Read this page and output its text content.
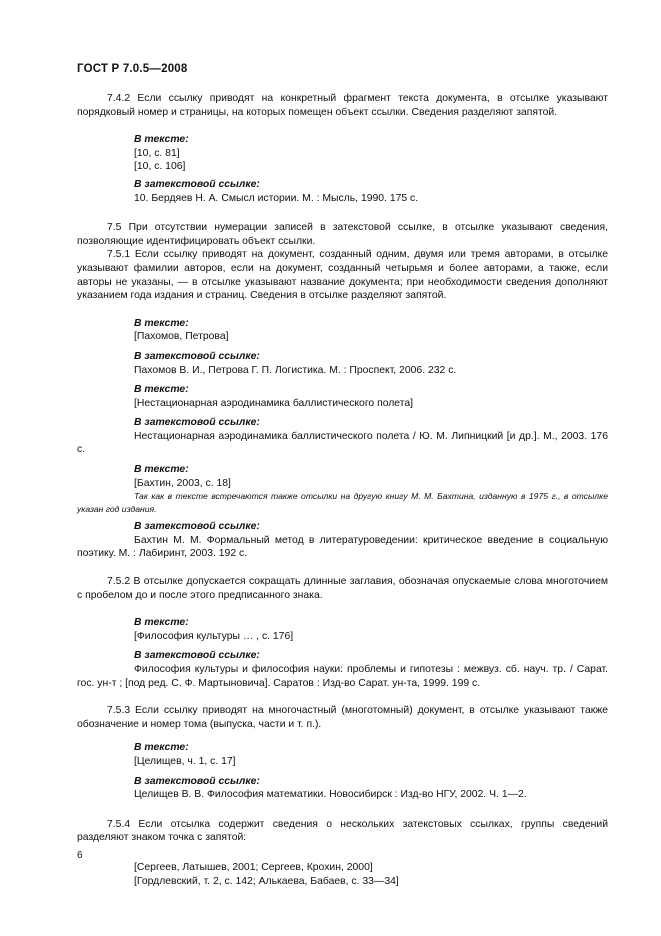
ГОСТ Р 7.0.5—2008

7.4.2 Если ссылку приводят на конкретный фрагмент текста документа, в отсылке указывают порядковый номер и страницы, на которых помещен объект ссылки. Сведения разделяют запятой.

В тексте:
[10, с. 81]
[10, с. 106]
В затекстовой ссылке:
10. Бердяев Н. А. Смысл истории. М. : Мысль, 1990. 175 с.

7.5 При отсутствии нумерации записей в затекстовой ссылке, в отсылке указывают сведения, позволяющие идентифицировать объект ссылки.

7.5.1 Если ссылку приводят на документ, созданный одним, двумя или тремя авторами, в отсылке указывают фамилии авторов, если на документ, созданный четырьмя и более авторами, а также, если авторы не указаны, — в отсылке указывают название документа; при необходимости сведения дополняют указанием года издания и страниц. Сведения в отсылке разделяют запятой.

В тексте:
[Пахомов, Петрова]
В затекстовой ссылке:
Пахомов В. И., Петрова Г. П. Логистика. М. : Проспект, 2006. 232 с.
В тексте:
[Нестационарная аэродинамика баллистического полета]
В затекстовой ссылке:

Нестационарная аэродинамика баллистического полета / Ю. М. Липницкий [и др.]. М., 2003. 176 с.

В тексте:
[Бахтин, 2003, с. 18]

Так как в тексте встречаются также отсылки на другую книгу М. М. Бахтина, изданную в 1975 г., в отсылке указан год издания.

В затекстовой ссылке:

Бахтин М. М. Формальный метод в литературоведении: критическое введение в социальную поэтику. М. : Лабиринт, 2003. 192 с.

7.5.2 В отсылке допускается сокращать длинные заглавия, обозначая опускаемые слова многоточием с пробелом до и после этого предписанного знака.

В тексте:
[Философия культуры … , с. 176]
В затекстовой ссылке:

Философия культуры и философия науки: проблемы и гипотезы : межвуз. сб. науч. тр. / Сарат. гос. ун-т ; [под ред. С. Ф. Мартыновича]. Саратов : Изд-во Сарат. ун-та, 1999. 199 с.

7.5.3 Если ссылку приводят на многочастный (многотомный) документ, в отсылке указывают также обозначение и номер тома (выпуска, части и т. п.).

В тексте:
[Целищев, ч. 1, с. 17]
В затекстовой ссылке:
Целищев В. В. Философия математики. Новосибирск : Изд-во НГУ, 2002. Ч. 1—2.

7.5.4 Если отсылка содержит сведения о нескольких затекстовых ссылках, группы сведений разделяют знаком точка с запятой:

[Сергеев, Латышев, 2001; Сергеев, Крохин, 2000]
[Гордлевский, т. 2, с. 142; Алькаева, Бабаев, с. 33—34]
6
